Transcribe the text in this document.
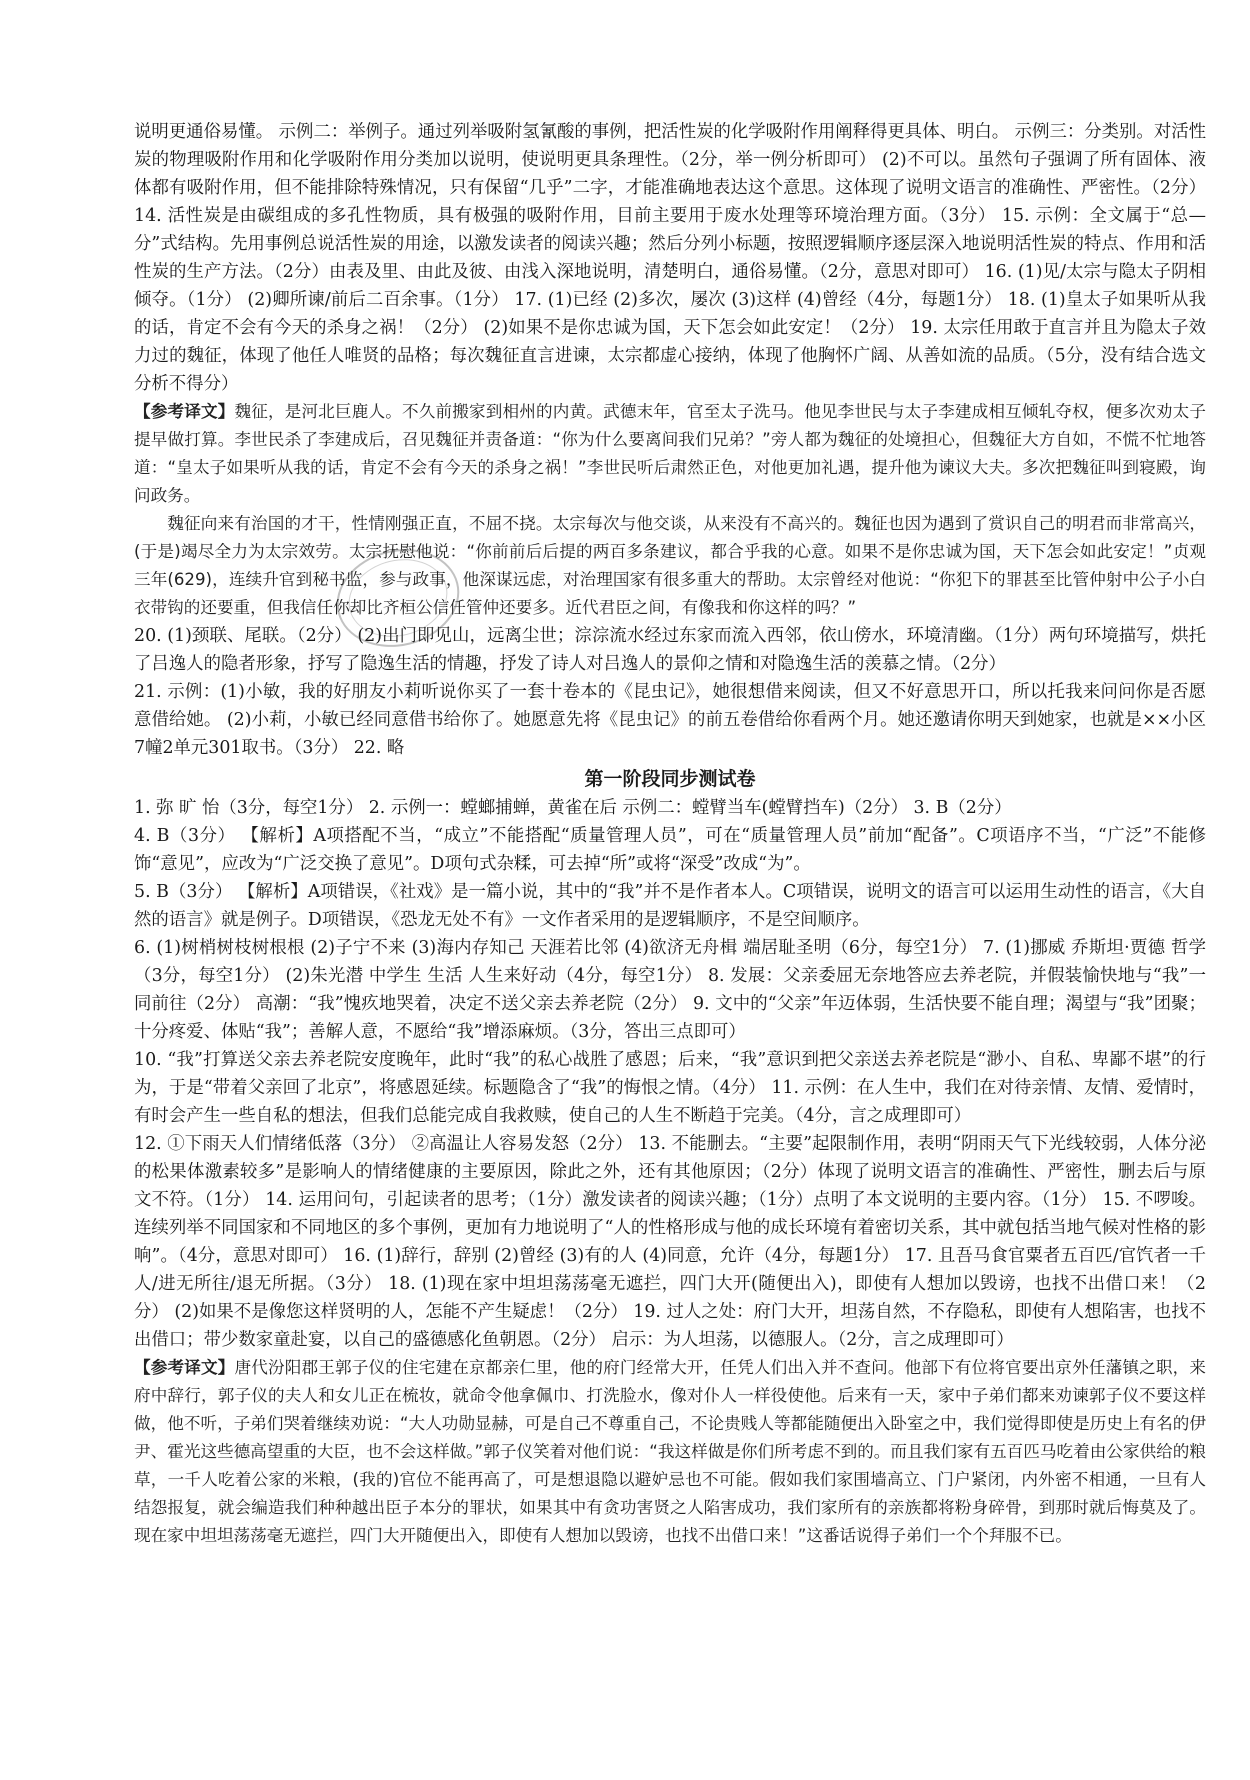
说明更通俗易懂。 示例二：举例子。通过列举吸附氢氰酸的事例，把活性炭的化学吸附作用阐释得更具体、明白。 示例三：分类别。对活性炭的物理吸附作用和化学吸附作用分类加以说明，使说明更具条理性。（2分，举一例分析即可） (2)不可以。虽然句子强调了所有固体、液体都有吸附作用，但不能排除特殊情况，只有保留“几乎”二字，才能准确地表达这个意思。这体现了说明文语言的准确性、严密性。（2分） 14. 活性炭是由碳组成的多孔性物质，具有极强的吸附作用，目前主要用于废水处理等环境治理方面。（3分） 15. 示例：全文属于“总—分”式结构。先用事例总说活性炭的用途，以激发读者的阅读兴趣；然后分列小标题，按照逻辑顺序逐层深入地说明活性炭的特点、作用和活性炭的生产方法。（2分）由表及里、由此及彼、由浅入深地说明，清楚明白，通俗易懂。（2分，意思对即可） 16. (1)见/太宗与隐太子阴相倾夺。（1分） (2)卿所谏/前后二百余事。（1分） 17. (1)已经 (2)多次，屡次 (3)这样 (4)曾经（4分，每题1分） 18. (1)皇太子如果听从我的话，肯定不会有今天的杀身之祸！（2分） (2)如果不是你忠诚为国，天下怎会如此安定！（2分） 19. 太宗任用敢于直言并且为隐太子效力过的魏征，体现了他任人唯贤的品格；每次魏征直言进谏，太宗都虚心接纳，体现了他胸怀广阔、从善如流的品质。（5分，没有结合选文分析不得分）

【参考译文】魏征，是河北巨鹿人。不久前搬家到相州的内黄。武德末年，官至太子洗马。他见李世民与太子李建成相互倾轧夺权，便多次劝太子提早做打算。李世民杀了李建成后，召见魏征并责备道：“你为什么要离间我们兄弟？”旁人都为魏征的处境担心，但魏征大方自如，不慌不忙地答道：“皇太子如果听从我的话，肯定不会有今天的杀身之祸！”李世民听后肃然正色，对他更加礼遇，提升他为谏议大夫。多次把魏征叫到寝殿，询问政务。

魏征向来有治国的才干，性情刚强正直，不屈不挠。太宗每次与他交谈，从来没有不高兴的。魏征也因为遇到了赏识自己的明君而非常高兴，(于是)竭尽全力为太宗效劳。太宗抚慰他说：“你前前后后提的两百多条建议，都合乎我的心意。如果不是你忠诚为国，天下怎会如此安定！”贞观三年(629)，连续升官到秘书监，参与政事，他深谋远虑，对治理国家有很多重大的帮助。太宗曾经对他说：“你犯下的罪甚至比管仲射中公子小白衣带钩的还要重，但我信任你却比齐桓公信任管仲还要多。近代君臣之间，有像我和你这样的吗？”

20. (1)颈联、尾联。（2分） (2)出门即见山，远离尘世；淙淙流水经过东家而流入西邻，依山傍水，环境清幽。（1分）两句环境描写，烘托了吕逸人的隐者形象，抒写了隐逸生活的情趣，抒发了诗人对吕逸人的景仰之情和对隐逸生活的羡慕之情。（2分）

21. 示例：(1)小敏，我的好朋友小莉听说你买了一套十卷本的《昆虫记》，她很想借来阅读，但又不好意思开口，所以托我来问问你是否愿意借给她。 (2)小莉，小敏已经同意借书给你了。她愿意先将《昆虫记》的前五卷借给你看两个月。她还邀请你明天到她家，也就是××小区7幢2单元301取书。（3分） 22. 略

第一阶段同步测试卷

1. 弥 旷 怡（3分，每空1分） 2. 示例一：螳螂捕蝉，黄雀在后 示例二：螳臂当车(螳臂挡车)（2分） 3. B（2分）

4. B（3分） 【解析】A项搭配不当，“成立”不能搭配“质量管理人员”，可在“质量管理人员”前加“配备”。C项语序不当，“广泛”不能修饰“意见”，应改为“广泛交换了意见”。D项句式杂糅，可去掉“所”或将“深受”改成“为”。

5. B（3分） 【解析】A项错误，《社戏》是一篇小说，其中的“我”并不是作者本人。C项错误，说明文的语言可以运用生动性的语言，《大自然的语言》就是例子。D项错误，《恐龙无处不有》一文作者采用的是逻辑顺序，不是空间顺序。

6. (1)树梢树枝树根根 (2)子宁不来 (3)海内存知己 天涯若比邻 (4)欲济无舟楫 端居耻圣明（6分，每空1分） 7. (1)挪威 乔斯坦·贾德 哲学（3分，每空1分） (2)朱光潜 中学生 生活 人生来好动（4分，每空1分） 8. 发展：父亲委屈无奈地答应去养老院，并假装愉快地与“我”一同前往（2分） 高潮：“我”愧疚地哭着，决定不送父亲去养老院（2分） 9. 文中的“父亲”年迈体弱，生活快要不能自理；渴望与“我”团聚；十分疼爱、体贴“我”；善解人意，不愿给“我”增添麻烦。（3分，答出三点即可）

10. “我”打算送父亲去养老院安度晚年，此时“我”的私心战胜了感恩；后来，“我”意识到把父亲送去养老院是“渺小、自私、卑鄙不堪”的行为，于是“带着父亲回了北京”，将感恩延续。标题隐含了“我”的悔恨之情。（4分） 11. 示例：在人生中，我们在对待亲情、友情、爱情时，有时会产生一些自私的想法，但我们总能完成自我救赎，使自己的人生不断趋于完美。（4分，言之成理即可）

12. ①下雨天人们情绪低落（3分） ②高温让人容易发怒（2分） 13. 不能删去。“主要”起限制作用，表明“阴雨天气下光线较弱，人体分泌的松果体激素较多”是影响人的情绪健康的主要原因，除此之外，还有其他原因；（2分）体现了说明文语言的准确性、严密性，删去后与原文不符。（1分） 14. 运用问句，引起读者的思考；（1分）激发读者的阅读兴趣；（1分）点明了本文说明的主要内容。（1分） 15. 不啰唆。连续列举不同国家和不同地区的多个事例，更加有力地说明了“人的性格形成与他的成长环境有着密切关系，其中就包括当地气候对性格的影响”。（4分，意思对即可） 16. (1)辞行，辞别 (2)曾经 (3)有的人 (4)同意，允许（4分，每题1分） 17. 且吾马食官粟者五百匹/官饩者一千人/进无所往/退无所据。（3分） 18. (1)现在家中坦坦荡荡毫无遮拦，四门大开(随便出入)，即使有人想加以毁谤，也找不出借口来！（2分） (2)如果不是像您这样贤明的人，怎能不产生疑虑！（2分） 19. 过人之处：府门大开，坦荡自然，不存隐私，即使有人想陷害，也找不出借口；带少数家童赴宴，以自己的盛德感化鱼朝恩。（2分） 启示：为人坦荡，以德服人。（2分，言之成理即可）

【参考译文】唐代汾阳郡王郭子仪的住宅建在京都亲仁里，他的府门经常大开，任凭人们出入并不查问。他部下有位将官要出京外任藩镇之职，来府中辞行，郭子仪的夫人和女儿正在梳妆，就命令他拿佩巾、打洗脸水，像对仆人一样役使他。后来有一天，家中子弟们都来劝谏郭子仪不要这样做，他不听，子弟们哭着继续劝说：“大人功勋显赫，可是自己不尊重自己，不论贵贱人等都能随便出入卧室之中，我们觉得即使是历史上有名的伊尹、霍光这些德高望重的大臣，也不会这样做。”郭子仪笑着对他们说：“我这样做是你们所考虑不到的。而且我们家有五百匹马吃着由公家供给的粮草，一千人吃着公家的米粮，(我的)官位不能再高了，可是想退隐以避妒忌也不可能。假如我们家围墙高立、门户紧闭，内外密不相通，一旦有人结怨报复，就会编造我们种种越出臣子本分的罪状，如果其中有贪功害贤之人陷害成功，我们家所有的亲族都将粉身碎骨，到那时就后悔莫及了。现在家中坦坦荡荡毫无遮拦，四门大开随便出入，即使有人想加以毁谤，也找不出借口来！”这番话说得子弟们一个个拜服不已。
